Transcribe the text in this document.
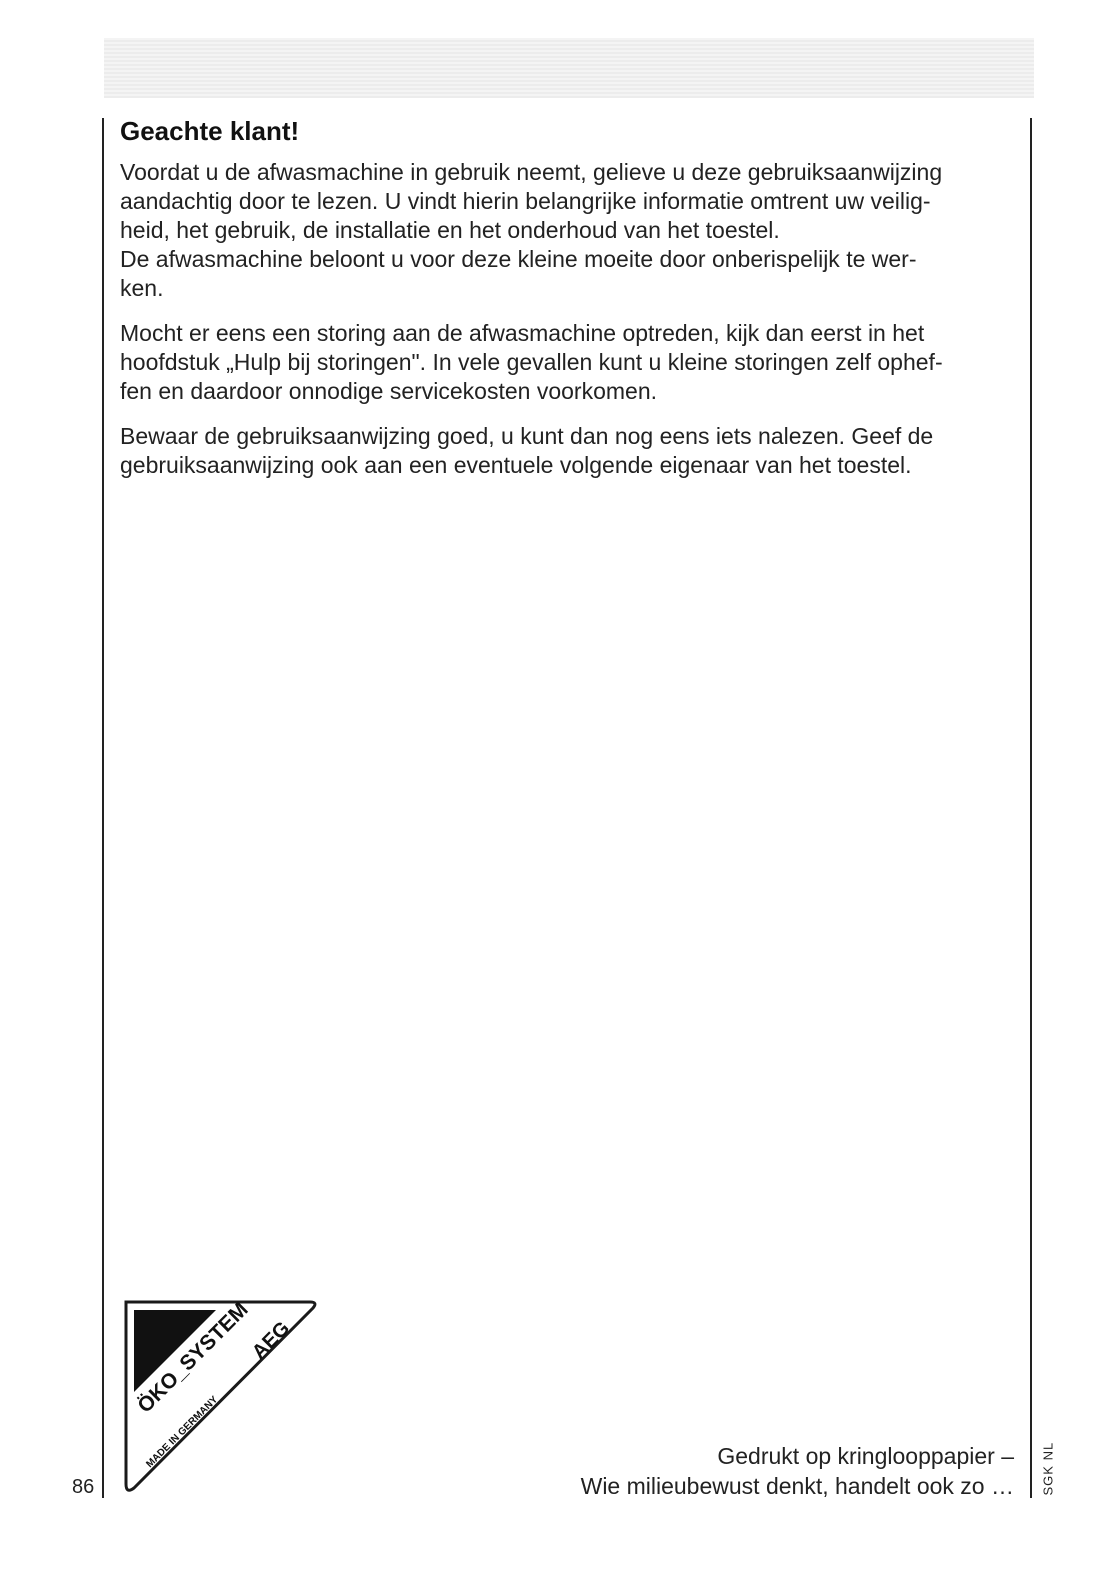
Geachte klant!

Voordat u de afwasmachine in gebruik neemt, gelieve u deze gebruiksaanwijzing
aandachtig door te lezen. U vindt hierin belangrijke informatie omtrent uw veilig-
heid, het gebruik, de installatie en het onderhoud van het toestel.
De afwasmachine beloont u voor deze kleine moeite door onberispelijk te wer-
ken.

Mocht er eens een storing aan de afwasmachine optreden, kijk dan eerst in het
hoofdstuk „Hulp bij storingen". In vele gevallen kunt u kleine storingen zelf ophef-
fen en daardoor onnodige servicekosten voorkomen.

Bewaar de gebruiksaanwijzing goed, u kunt dan nog eens iets nalezen. Geef de
gebruiksaanwijzing ook aan een eventuele volgende eigenaar van het toestel.

ÖKO_SYSTEM
AEG
MADE IN GERMANY
86
Gedrukt op kringlooppapier –
Wie milieubewust denkt, handelt ook zo … SGK NL
